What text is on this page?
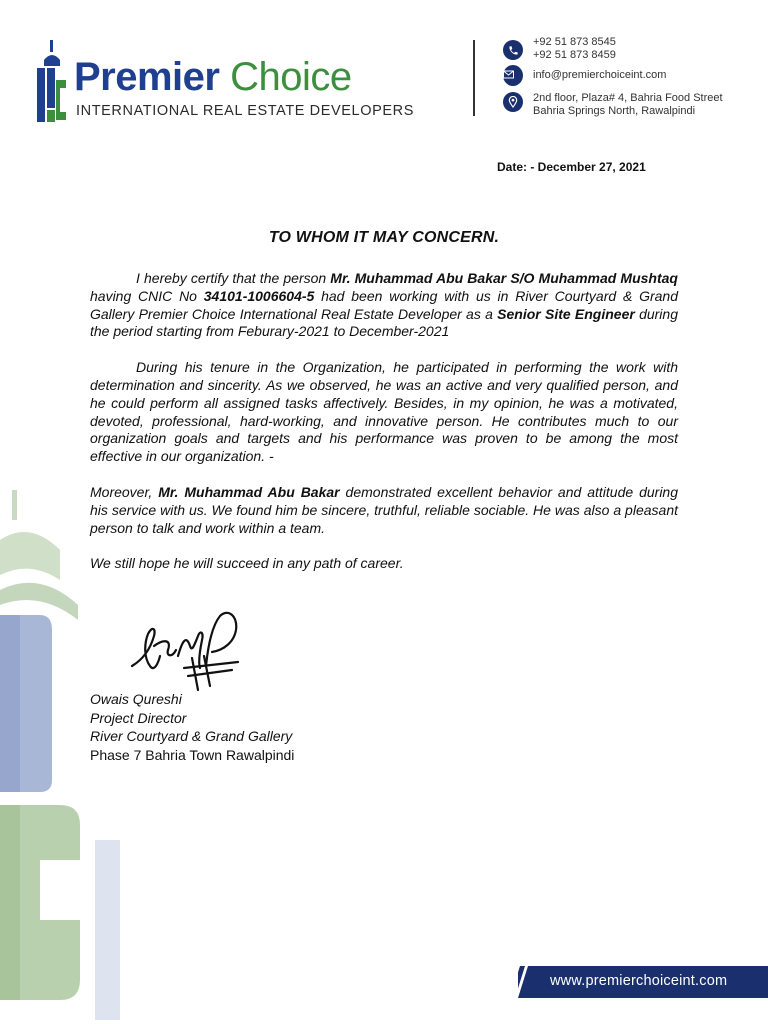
Premier Choice
INTERNATIONAL REAL ESTATE DEVELOPERS
+92 51 873 8545
+92 51 873 8459
info@premierchoiceint.com
2nd floor, Plaza# 4, Bahria Food Street
Bahria Springs North, Rawalpindi
Date: - December 27, 2021
TO WHOM IT MAY CONCERN.

I hereby certify that the person Mr. Muhammad Abu Bakar S/O Muhammad Mushtaq having CNIC No 34101-1006604-5 had been working with us in River Courtyard & Grand Gallery Premier Choice International Real Estate Developer as a Senior Site Engineer during the period starting from Feburary-2021 to December-2021

During his tenure in the Organization, he participated in performing the work with determination and sincerity. As we observed, he was an active and very qualified person, and he could perform all assigned tasks affectively. Besides, in my opinion, he was a motivated, devoted, professional, hard-working, and innovative person. He contributes much to our organization goals and targets and his performance was proven to be among the most effective in our organization. -

Moreover, Mr. Muhammad Abu Bakar demonstrated excellent behavior and attitude during his service with us. We found him be sincere, truthful, reliable sociable. He was also a pleasant person to talk and work within a team.

We still hope he will succeed in any path of career.

Owais Qureshi
Project Director
River Courtyard & Grand Gallery
Phase 7 Bahria Town Rawalpindi
www.premierchoiceint.com
